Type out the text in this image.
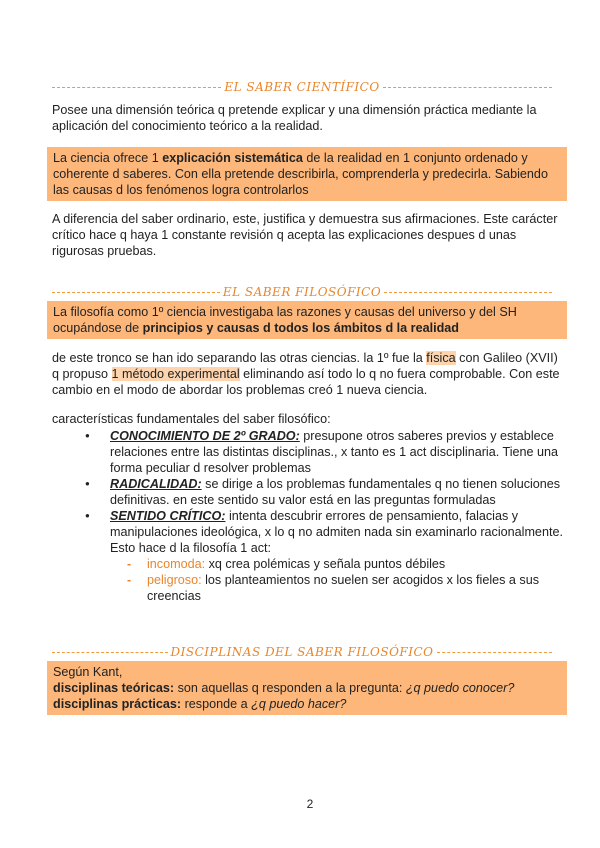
EL SABER CIENTÍFICO
Posee una dimensión teórica q pretende explicar y una dimensión práctica mediante la aplicación del conocimiento teórico a la realidad.
La ciencia ofrece 1 explicación sistemática de la realidad en 1 conjunto ordenado y coherente d saberes. Con ella pretende describirla, comprenderla y predecirla. Sabiendo las causas d los fenómenos logra controlarlos
A diferencia del saber ordinario, este, justifica y demuestra sus afirmaciones. Este carácter crítico hace q haya 1 constante revisión q acepta las explicaciones despues d unas rigurosas pruebas.
EL SABER FILOSÓFICO
La filosofía como 1º ciencia investigaba las razones y causas del universo y del SH ocupándose de principios y causas d todos los ámbitos d la realidad
de este tronco se han ido separando las otras ciencias. la 1º fue la física con Galileo (XVII) q propuso 1 método experimental eliminando así todo lo q no fuera comprobable. Con este cambio en el modo de abordar los problemas creó 1 nueva ciencia.
características fundamentales del saber filosófico:
● CONOCIMIENTO DE 2º GRADO: presupone otros saberes previos y establece relaciones entre las distintas disciplinas., x tanto es 1 act disciplinaria. Tiene una forma peculiar d resolver problemas
● RADICALIDAD: se dirige a los problemas fundamentales q no tienen soluciones definitivas. en este sentido su valor está en las preguntas formuladas
● SENTIDO CRÍTICO: intenta descubrir errores de pensamiento, falacias y manipulaciones ideológica, x lo q no admiten nada sin examinarlo racionalmente. Esto hace d la filosofía 1 act:
- incomoda: xq crea polémicas y señala puntos débiles
- peligroso: los planteamientos no suelen ser acogidos x los fieles a sus creencias
DISCIPLINAS DEL SABER FILOSÓFICO
Según Kant,
disciplinas teóricas: son aquellas q responden a la pregunta: ¿q puedo conocer?
disciplinas prácticas: responde a ¿q puedo hacer?
2
